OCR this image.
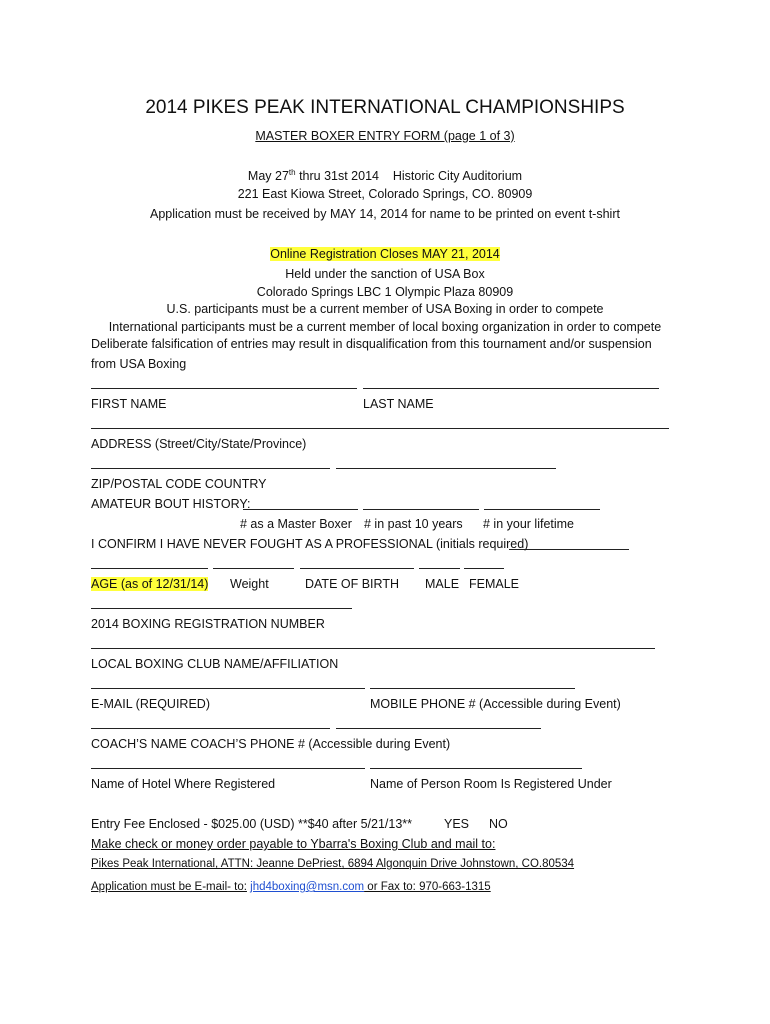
2014 PIKES PEAK INTERNATIONAL CHAMPIONSHIPS
MASTER BOXER ENTRY FORM (page 1 of 3)
May 27th thru 31st 2014    Historic City Auditorium
221 East Kiowa Street, Colorado Springs, CO. 80909
Application must be received by MAY 14, 2014 for name to be printed on event t-shirt
Online Registration Closes MAY 21, 2014
Held under the sanction of USA Box
Colorado Springs LBC 1 Olympic Plaza 80909
U.S. participants must be a current member of USA Boxing in order to compete
International participants must be a current member of local boxing organization in order to compete
Deliberate falsification of entries may result in disqualification from this tournament and/or suspension
from USA Boxing
FIRST NAME	LAST NAME
ADDRESS (Street/City/State/Province)
ZIP/POSTAL CODE COUNTRY
AMATEUR BOUT HISTORY:
# as a Master Boxer # in past 10 years # in your lifetime
I CONFIRM I HAVE NEVER FOUGHT AS A PROFESSIONAL (initials required)
AGE (as of 12/31/14) Weight	DATE OF BIRTH MALE FEMALE
2014 BOXING REGISTRATION NUMBER
LOCAL BOXING CLUB NAME/AFFILIATION
E-MAIL (REQUIRED)	MOBILE PHONE # (Accessible during Event)
COACH’S NAME COACH’S PHONE # (Accessible during Event)
Name of Hotel Where Registered	Name of Person Room Is Registered Under
Entry Fee Enclosed - $025.00 (USD) **$40 after 5/21/13**	YES NO
Make check or money order payable to Ybarra's Boxing Club and mail to:
Pikes Peak International, ATTN: Jeanne DePriest, 6894 Algonquin Drive Johnstown, CO.80534
Application must be E-mail- to: jhd4boxing@msn.com or Fax to: 970-663-1315
